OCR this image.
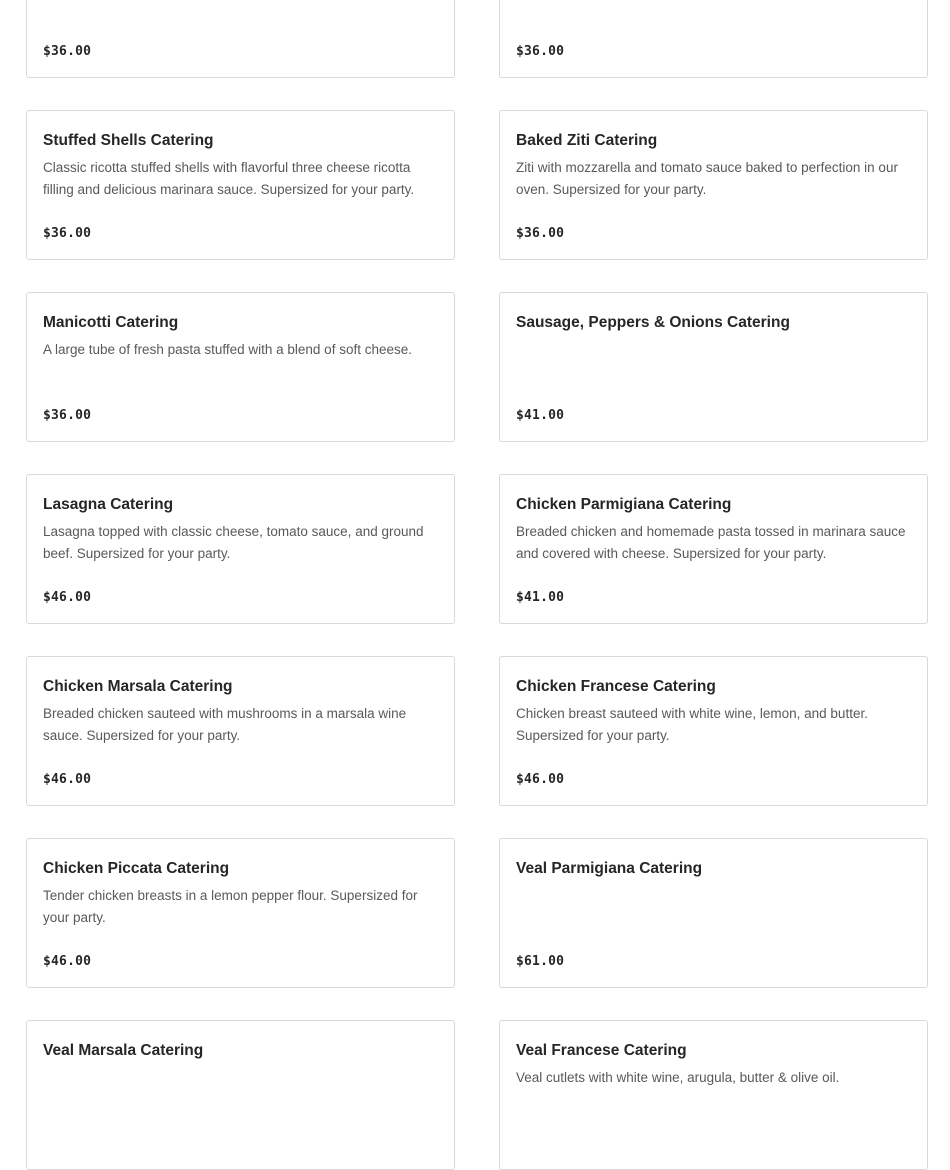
$36.00	$36.00
Stuffed Shells Catering
Classic ricotta stuffed shells with flavorful three cheese ricotta filling and delicious marinara sauce. Supersized for your party.
$36.00
Baked Ziti Catering
Ziti with mozzarella and tomato sauce baked to perfection in our oven. Supersized for your party.
$36.00
Manicotti Catering
A large tube of fresh pasta stuffed with a blend of soft cheese.
$36.00
Sausage, Peppers & Onions Catering
$41.00
Lasagna Catering
Lasagna topped with classic cheese, tomato sauce, and ground beef. Supersized for your party.
$46.00
Chicken Parmigiana Catering
Breaded chicken and homemade pasta tossed in marinara sauce and covered with cheese. Supersized for your party.
$41.00
Chicken Marsala Catering
Breaded chicken sauteed with mushrooms in a marsala wine sauce. Supersized for your party.
$46.00
Chicken Francese Catering
Chicken breast sauteed with white wine, lemon, and butter. Supersized for your party.
$46.00
Chicken Piccata Catering
Tender chicken breasts in a lemon pepper flour. Supersized for your party.
$46.00
Veal Parmigiana Catering
$61.00
Veal Marsala Catering	Veal Francese Catering
Veal cutlets with white wine, arugula, butter & olive oil.
